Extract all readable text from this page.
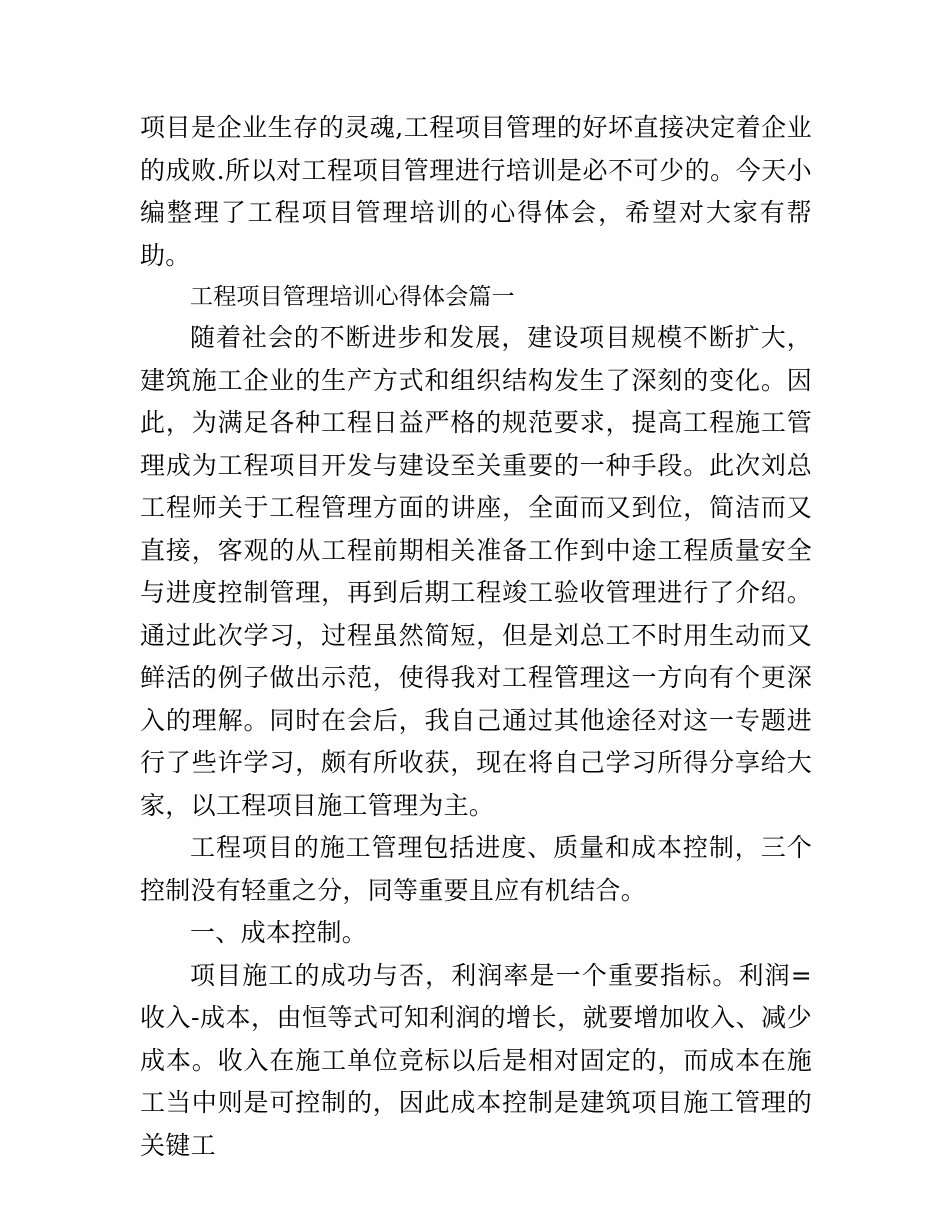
项目是企业生存的灵魂,工程项目管理的好坏直接决定着企业的成败.所以对工程项目管理进行培训是必不可少的。今天小编整理了工程项目管理培训的心得体会，希望对大家有帮助。

工程项目管理培训心得体会篇一

随着社会的不断进步和发展，建设项目规模不断扩大，建筑施工企业的生产方式和组织结构发生了深刻的变化。因此，为满足各种工程日益严格的规范要求，提高工程施工管理成为工程项目开发与建设至关重要的一种手段。此次刘总工程师关于工程管理方面的讲座，全面而又到位，简洁而又直接，客观的从工程前期相关准备工作到中途工程质量安全与进度控制管理，再到后期工程竣工验收管理进行了介绍。通过此次学习，过程虽然简短，但是刘总工不时用生动而又鲜活的例子做出示范，使得我对工程管理这一方向有个更深入的理解。同时在会后，我自己通过其他途径对这一专题进行了些许学习，颇有所收获，现在将自己学习所得分享给大家，以工程项目施工管理为主。

工程项目的施工管理包括进度、质量和成本控制，三个控制没有轻重之分，同等重要且应有机结合。

一、成本控制。

项目施工的成功与否，利润率是一个重要指标。利润=收入-成本，由恒等式可知利润的增长，就要增加收入、减少成本。收入在施工单位竞标以后是相对固定的，而成本在施工当中则是可控制的，因此成本控制是建筑项目施工管理的关键工
